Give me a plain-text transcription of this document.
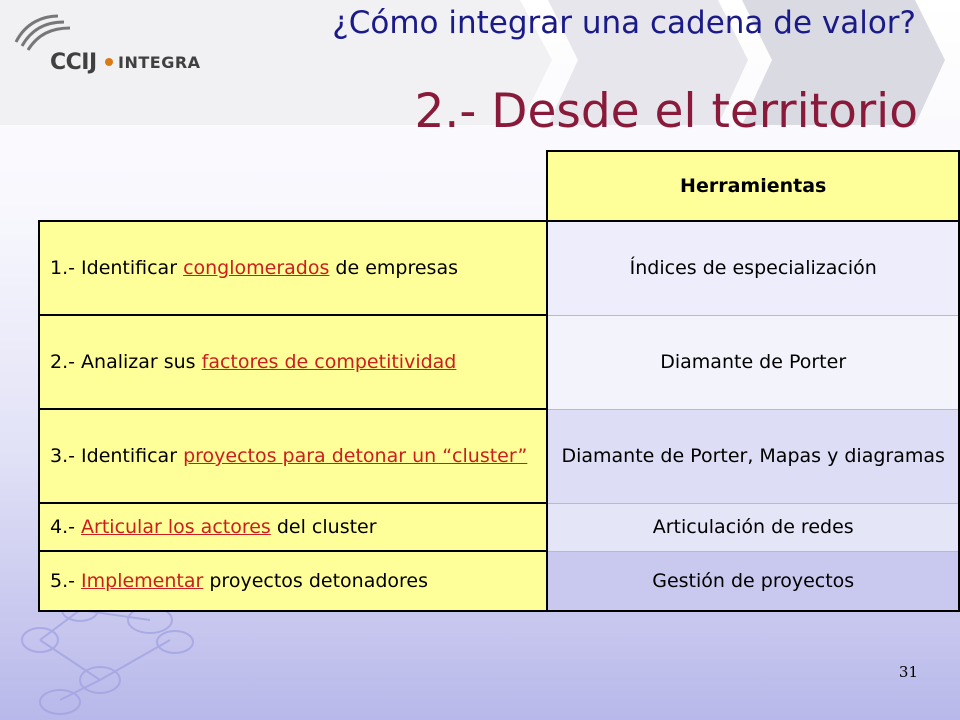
CCIJ INTEGRA
¿Cómo integrar una cadena de valor?
2.- Desde el territorio
	Herramientas
1.- Identificar conglomerados de empresas	Índices de especialización
2.- Analizar sus factores de competitividad	Diamante de Porter
3.- Identificar proyectos para detonar un “cluster”	Diamante de Porter, Mapas y diagramas
4.- Articular los actores del cluster	Articulación de redes
5.- Implementar proyectos detonadores	Gestión de proyectos
31
